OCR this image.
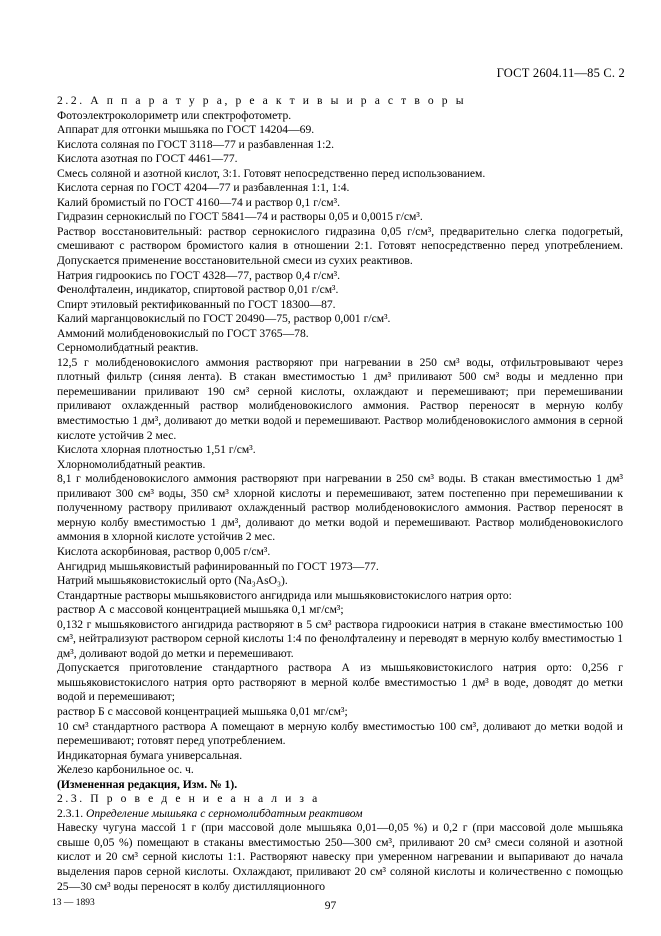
ГОСТ 2604.11—85 С. 2

2.2. А п п а р а т у р а, р е а к т и в ы и р а с т в о р ы

Фотоэлектроколориметр или спектрофотометр.

Аппарат для отгонки мышьяка по ГОСТ 14204—69.

Кислота соляная по ГОСТ 3118—77 и разбавленная 1:2.

Кислота азотная по ГОСТ 4461—77.

Смесь соляной и азотной кислот, 3:1. Готовят непосредственно перед использованием.

Кислота серная по ГОСТ 4204—77 и разбавленная 1:1, 1:4.

Калий бромистый по ГОСТ 4160—74 и раствор 0,1 г/см³.

Гидразин сернокислый по ГОСТ 5841—74 и растворы 0,05 и 0,0015 г/см³.

Раствор восстановительный: раствор сернокислого гидразина 0,05 г/см³, предварительно слегка подогретый, смешивают с раствором бромистого калия в отношении 2:1. Готовят непосредственно перед употреблением. Допускается применение восстановительной смеси из сухих реактивов.

Натрия гидроокись по ГОСТ 4328—77, раствор 0,4 г/см³.

Фенолфталеин, индикатор, спиртовой раствор 0,01 г/см³.

Спирт этиловый ректификованный по ГОСТ 18300—87.

Калий марганцовокислый по ГОСТ 20490—75, раствор 0,001 г/см³.

Аммоний молибденовокислый по ГОСТ 3765—78.

Серномолибдатный реактив.

12,5 г молибденовокислого аммония растворяют при нагревании в 250 см³ воды, отфильтровывают через плотный фильтр (синяя лента). В стакан вместимостью 1 дм³ приливают 500 см³ воды и медленно при перемешивании приливают 190 см³ серной кислоты, охлаждают и перемешивают; при перемешивании приливают охлажденный раствор молибденовокислого аммония. Раствор переносят в мерную колбу вместимостью 1 дм³, доливают до метки водой и перемешивают. Раствор молибденовокислого аммония в серной кислоте устойчив 2 мес.

Кислота хлорная плотностью 1,51 г/см³.

Хлорномолибдатный реактив.

8,1 г молибденовокислого аммония растворяют при нагревании в 250 см³ воды. В стакан вместимостью 1 дм³ приливают 300 см³ воды, 350 см³ хлорной кислоты и перемешивают, затем постепенно при перемешивании к полученному раствору приливают охлажденный раствор молибденовокислого аммония. Раствор переносят в мерную колбу вместимостью 1 дм³, доливают до метки водой и перемешивают. Раствор молибденовокислого аммония в хлорной кислоте устойчив 2 мес.

Кислота аскорбиновая, раствор 0,005 г/см³.

Ангидрид мышьяковистый рафинированный по ГОСТ 1973—77.

Натрий мышьяковистокислый орто (Na₃AsO₃).

Стандартные растворы мышьяковистого ангидрида или мышьяковистокислого натрия орто:

раствор А с массовой концентрацией мышьяка 0,1 мг/см³;

0,132 г мышьяковистого ангидрида растворяют в 5 см³ раствора гидроокиси натрия в стакане вместимостью 100 см³, нейтрализуют раствором серной кислоты 1:4 по фенолфталеину и переводят в мерную колбу вместимостью 1 дм³, доливают водой до метки и перемешивают.

Допускается приготовление стандартного раствора А из мышьяковистокислого натрия орто: 0,256 г мышьяковистокислого натрия орто растворяют в мерной колбе вместимостью 1 дм³ в воде, доводят до метки водой и перемешивают;

раствор Б с массовой концентрацией мышьяка 0,01 мг/см³;

10 см³ стандартного раствора А помещают в мерную колбу вместимостью 100 см³, доливают до метки водой и перемешивают; готовят перед употреблением.

Индикаторная бумага универсальная.

Железо карбонильное ос. ч.

(Измененная редакция, Изм. № 1).

2.3. П р о в е д е н и е а н а л и з а

2.3.1. Определение мышьяка с серномолибдатным реактивом

Навеску чугуна массой 1 г (при массовой доле мышьяка 0,01—0,05 %) и 0,2 г (при массовой доле мышьяка свыше 0,05 %) помещают в стаканы вместимостью 250—300 см³, приливают 20 см³ смеси соляной и азотной кислот и 20 см³ серной кислоты 1:1. Растворяют навеску при умеренном нагревании и выпаривают до начала выделения паров серной кислоты. Охлаждают, приливают 20 см³ соляной кислоты и количественно с помощью 25—30 см³ воды переносят в колбу дистилляционного

13 — 1893	97
